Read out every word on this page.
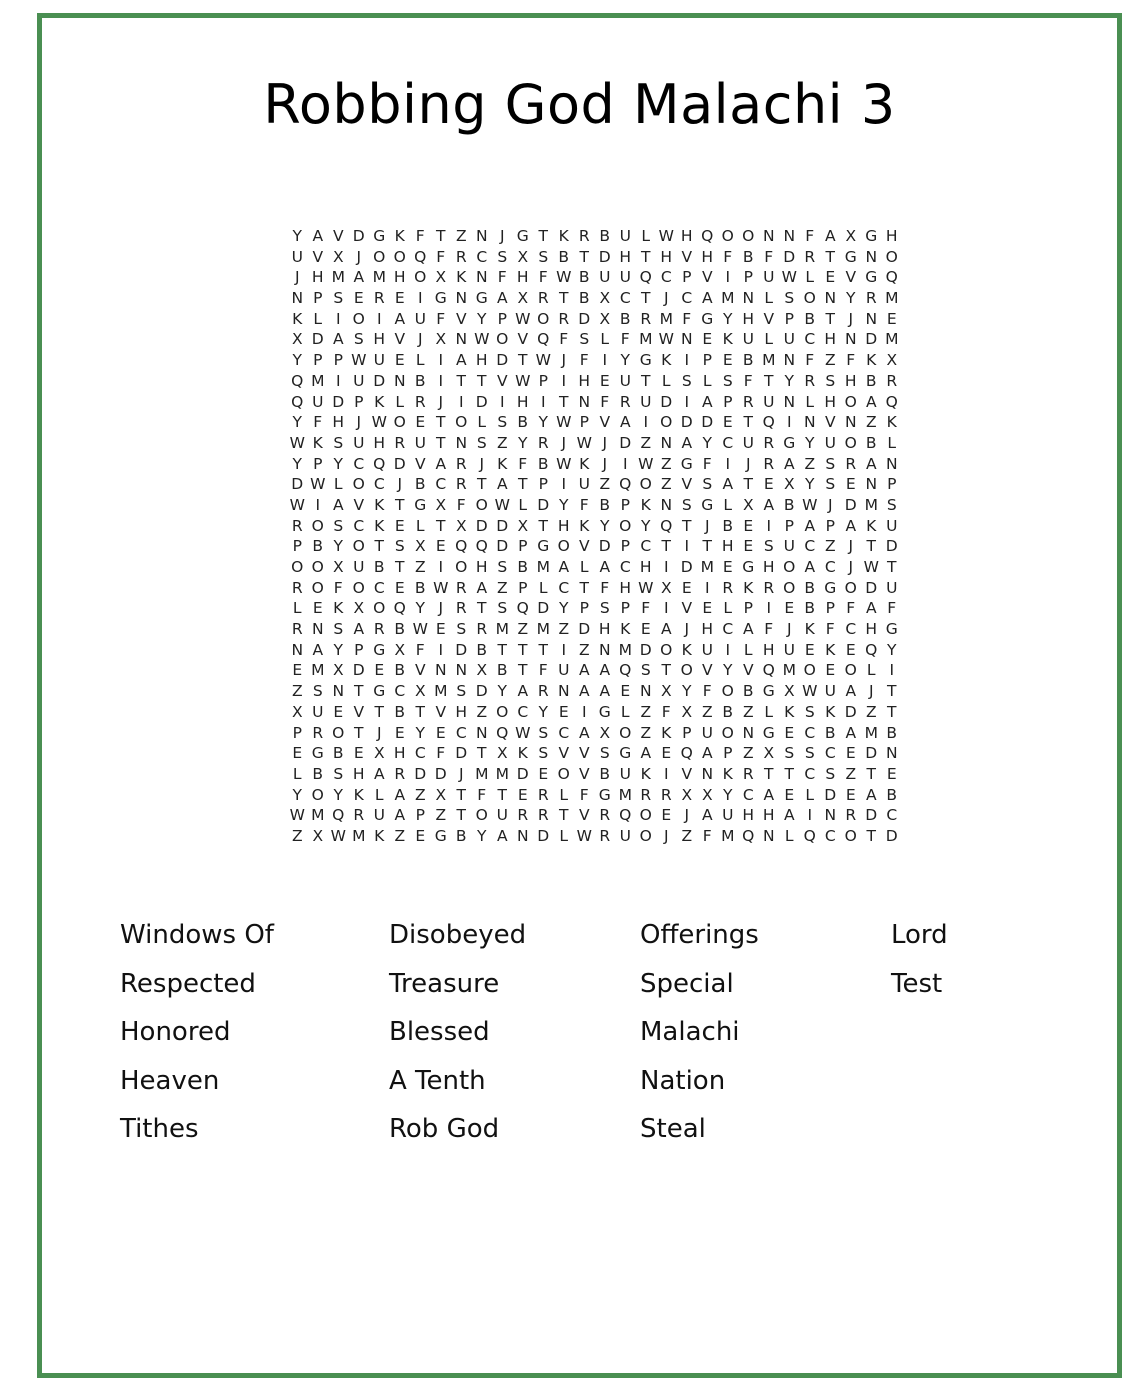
Robbing God Malachi 3
Y A V D G K F T Z N J G T K R B U L W H Q O O N N F A X G H
U V X J O O Q F R C S X S B T D H T H V H F B F D R T G N O
J H M A M H O X K N F H F W B U U Q C P V I P U W L E V G Q
N P S E R E I G N G A X R T B X C T J C A M N L S O N Y R M
K L I O I A U F V Y P W O R D X B R M F G Y H V P B T J N E
X D A S H V J X N W O V Q F S L F M W N E K U L U C H N D M
Y P P W U E L I A H D T W J F I Y G K I P E B M N F Z F K X
Q M I U D N B I T T V W P I H E U T L S L S F T Y R S H B R
Q U D P K L R J	I D I H I T N F R U D I A P R U N L H O A Q
Y F H J W O E T O L S B Y W P V A I O D D E T Q I N V N Z K
W K S U H R U T N S Z Y R J W J D Z N A Y C U R G Y U O B L
Y P Y C Q D V A R J K F B W K J	I W Z G F I	J R A Z S R A N
D W L O C J B C R T A T P I U Z Q O Z V S A T E X Y S E N P
W I A V K T G X F O W L D Y F B P K N S G L X A B W J D M S
R O S C K E L T X D D X T H K Y O Y Q T J B E I P A P A K U
P B Y O T S X E Q Q D P G O V D P C T I T H E S U C Z J T D
O O X U B T Z I O H S B M A L A C H I D M E G H O A C J W T
R O F O C E B W R A Z P L C T F H W X E I R K R O B G O D U
L E K X O Q Y J R T S Q D Y P S P F I V E L P I E B P F A F
R N S A R B W E S R M Z M Z D H K E A J H C A F J K F C H G
N A Y P G X F I D B T T T I Z N M D O K U I L H U E K E Q Y
E M X D E B V N N X B T F U A A Q S T O V Y V Q M O E O L I
Z S N T G C X M S D Y A R N A A E N X Y F O B G X W U A J T
X U E V T B T V H Z O C Y E I G L Z F X Z B Z L K S K D Z T
P R O T J E Y E C N Q W S C A X O Z K P U O N G E C B A M B
E G B E X H C F D T X K S V V S G A E Q A P Z X S S C E D N
L B S H A R D D J M M D E O V B U K I V N K R T T C S Z T E
Y O Y K L A Z X T F T E R L F G M R R X X Y C A E L D E A B
W M Q R U A P Z T O U R R T V R Q O E J A U H H A I N R D C
Z X W M K Z E G B Y A N D L W R U O J Z F M Q N L Q C O T D
Windows Of
Respected
Honored
Heaven
Tithes
Disobeyed
Treasure
Blessed
A Tenth
Rob God
Offerings
Special
Malachi
Nation
Steal
Lord
Test
